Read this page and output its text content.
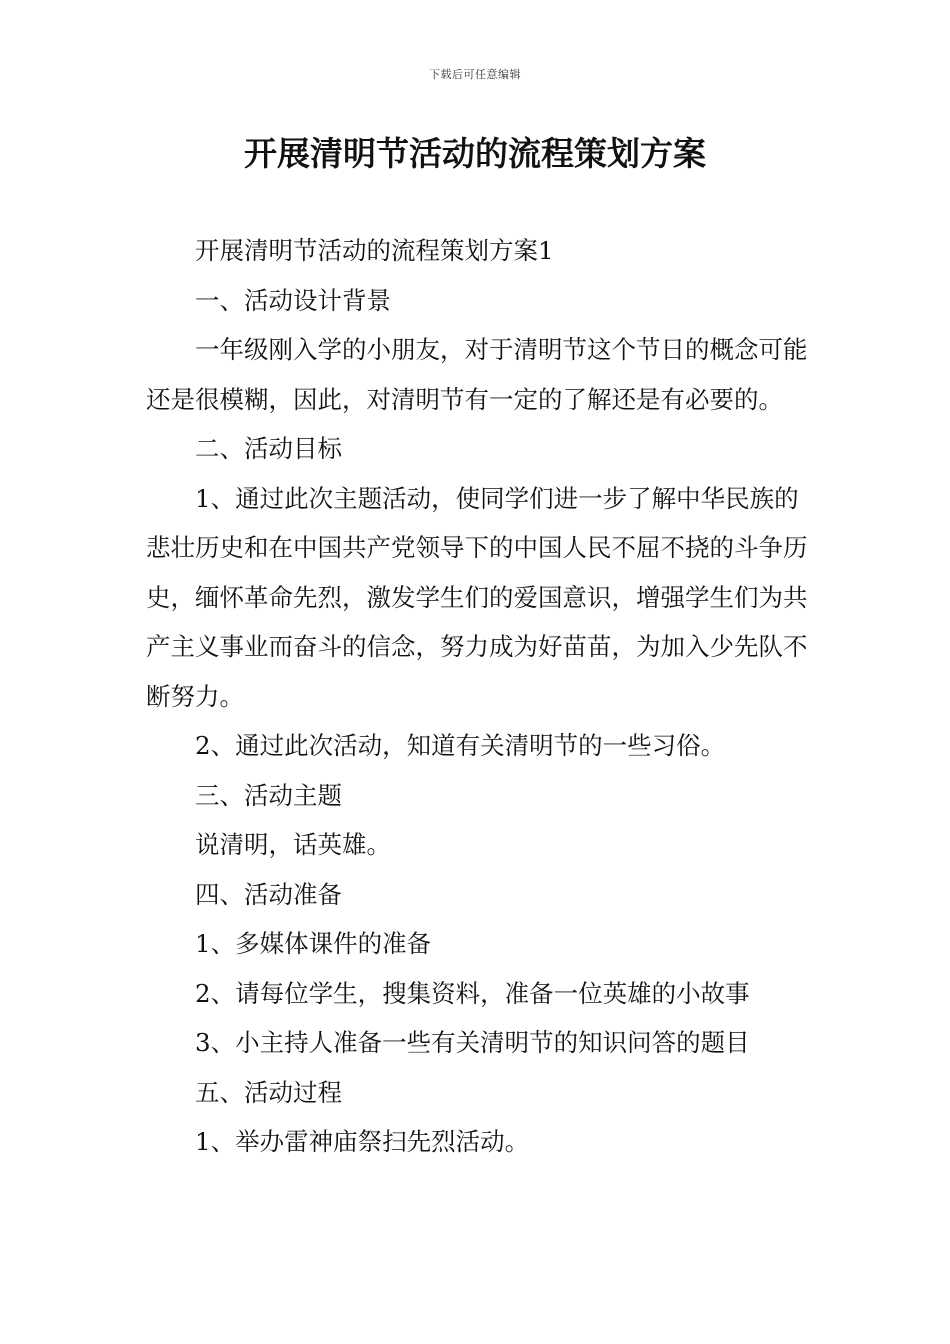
下载后可任意编辑
开展清明节活动的流程策划方案

开展清明节活动的流程策划方案1

一、活动设计背景

一年级刚入学的小朋友，对于清明节这个节日的概念可能还是很模糊，因此，对清明节有一定的了解还是有必要的。

二、活动目标

1、通过此次主题活动，使同学们进一步了解中华民族的悲壮历史和在中国共产党领导下的中国人民不屈不挠的斗争历史，缅怀革命先烈，激发学生们的爱国意识，增强学生们为共产主义事业而奋斗的信念，努力成为好苗苗，为加入少先队不断努力。

2、通过此次活动，知道有关清明节的一些习俗。

三、活动主题

说清明，话英雄。

四、活动准备

1、多媒体课件的准备

2、请每位学生，搜集资料，准备一位英雄的小故事

3、小主持人准备一些有关清明节的知识问答的题目

五、活动过程

1、举办雷神庙祭扫先烈活动。
